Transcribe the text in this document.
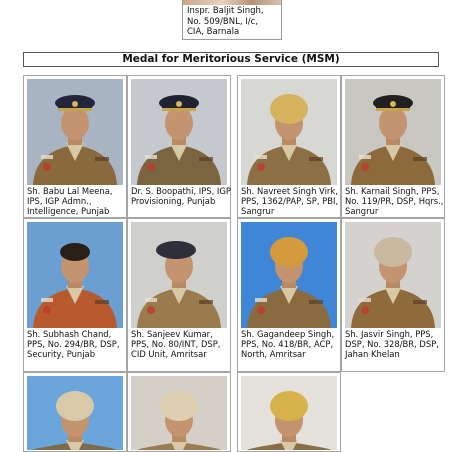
Inspr. Baljit Singh,
No. 509/BNL, I/c,
CIA, Barnala
Medal for Meritorious Service (MSM)
Sh. Babu Lal Meena, IPS, IGP Admn., Intelligence, Punjab
Dr. S. Boopathi, IPS, IGP Provisioning, Punjab
Sh. Navreet Singh Virk, PPS, 1362/PAP, SP, PBI, Sangrur
Sh. Karnail Singh, PPS, No. 119/PR, DSP, Hqrs., Sangrur
Sh. Subhash Chand, PPS, No. 294/BR, DSP, Security, Punjab
Sh. Sanjeev Kumar, PPS, No. 80/INT, DSP, CID Unit, Amritsar
Sh. Gagandeep Singh, PPS, No. 418/BR, ACP, North, Amritsar
Sh. Jasvir Singh, PPS, DSP, No. 328/BR, DSP, Jahan Khelan
